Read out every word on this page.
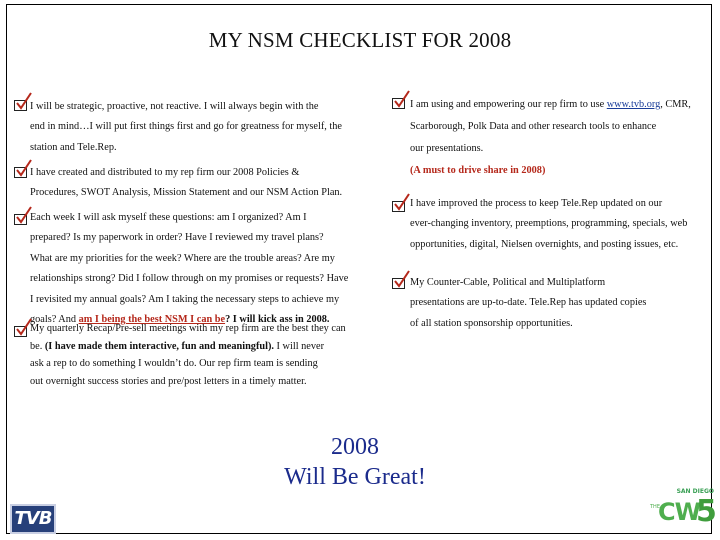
MY NSM CHECKLIST FOR 2008
I will be strategic, proactive, not reactive. I will always begin with the
end in mind…I will put first things first and go for greatness for myself, the
station and Tele.Rep.
I have created and distributed to my rep firm our 2008 Policies &
Procedures, SWOT Analysis, Mission Statement and our NSM Action Plan.
Each week I will ask myself these questions: am I organized? Am I
prepared? Is my paperwork in order? Have I reviewed my travel plans?
What are my priorities for the week? Where are the trouble areas? Are my
relationships strong? Did I follow through on my promises or requests? Have
I revisited my annual goals? Am I taking the necessary steps to achieve my
goals? And am I being the best NSM I can be? I will kick ass in 2008.
My quarterly Recap/Pre-sell meetings with my rep firm are the best they can
be. (I have made them interactive, fun and meaningful). I will never
ask a rep to do something I wouldn’t do. Our rep firm team is sending
out overnight success stories and pre/post letters in a timely matter.
I am using and empowering our rep firm to use www.tvb.org, CMR,
Scarborough, Polk Data and other research tools to enhance
our presentations.
(A must to drive share in 2008)
I have improved the process to keep Tele.Rep updated on our
ever-changing inventory, preemptions, programming, specials, web
opportunities, digital, Nielsen overnights, and posting issues, etc.
My Counter-Cable, Political and Multiplatform
presentations are up-to-date. Tele.Rep has updated copies
of all station sponsorship opportunities.
2008
Will Be Great!
TVB
SAN DIEGO
THE
CW
5
